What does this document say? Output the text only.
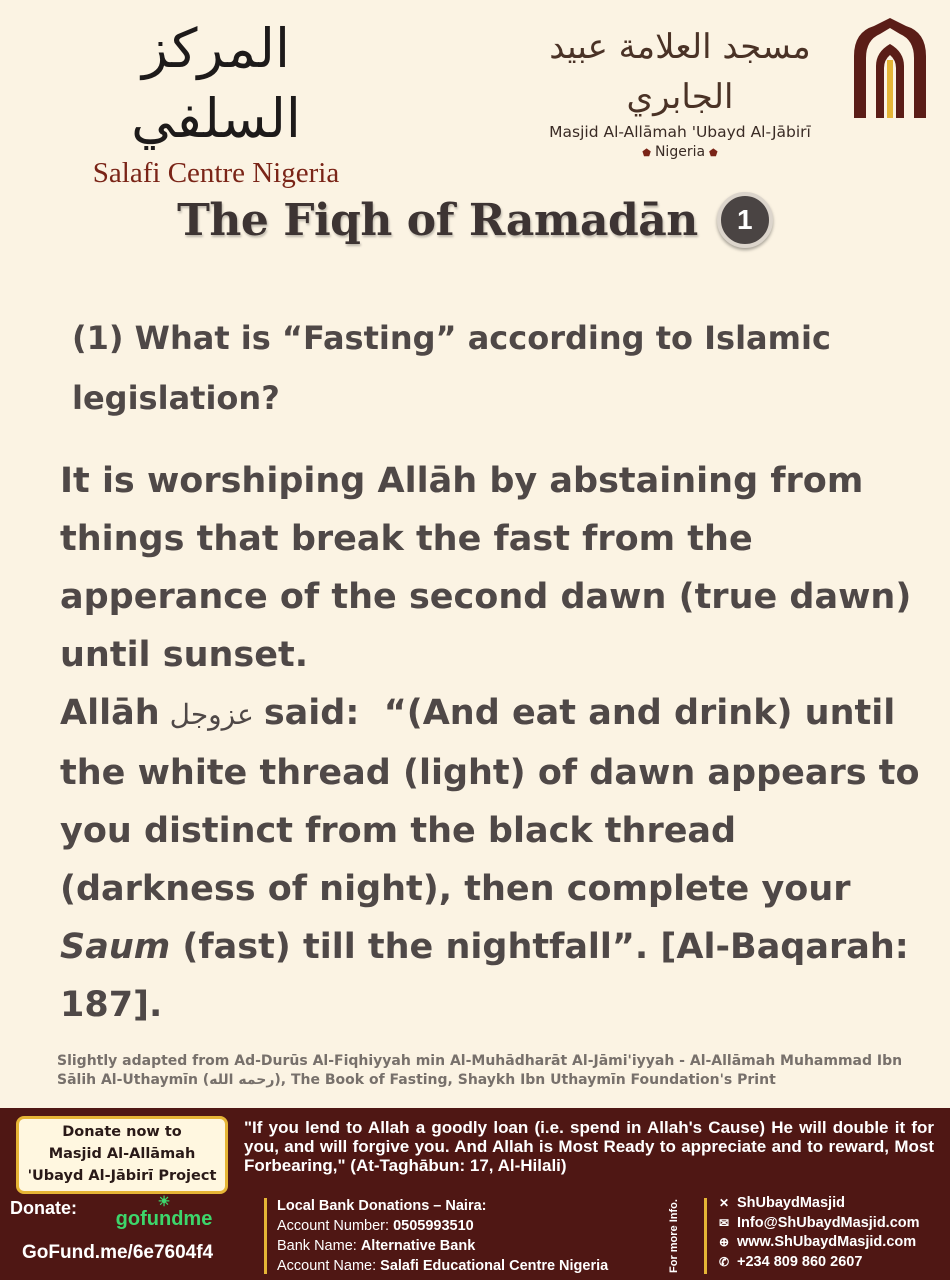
المركز السلفي
Salafi Centre Nigeria
مسجد العلامة عبيد الجابري
Masjid Al-Allāmah 'Ubayd Al-Jābirī
⬟ Nigeria ⬟
The Fiqh of Ramadān 1
(1) What is “Fasting” according to Islamic legislation?
It is worshiping Allāh by abstaining from things that break the fast from the apperance of the second dawn (true dawn) until sunset.
Allāh عزوجل said: “(And eat and drink) until the white thread (light) of dawn appears to you distinct from the black thread (darkness of night), then complete your Saum (fast) till the nightfall”. [Al-Baqarah: 187].
Slightly adapted from Ad-Durūs Al-Fiqhiyyah min Al-Muhādharāt Al-Jāmi'iyyah - Al-Allāmah Muhammad Ibn Sālih Al-Uthaymīn (رحمه الله), The Book of Fasting, Shaykh Ibn Uthaymīn Foundation's Print
Donate now to
Masjid Al-Allāmah
'Ubayd Al-Jābirī Project
"If you lend to Allah a goodly loan (i.e. spend in Allah's Cause) He will double it for you, and will forgive you. And Allah is Most Ready to appreciate and to reward, Most Forbearing," (At-Taghābun: 17, Al-Hilali)
Donate:	☀
gofundme
GoFund.me/6e7604f4
Local Bank Donations – Naira:
Account Number: 0505993510
Bank Name: Alternative Bank
Account Name: Salafi Educational Centre Nigeria	For more Info.	✕ ShUbaydMasjid
✉ Info@ShUbaydMasjid.com
⊕ www.ShUbaydMasjid.com
✆ +234 809 860 2607
